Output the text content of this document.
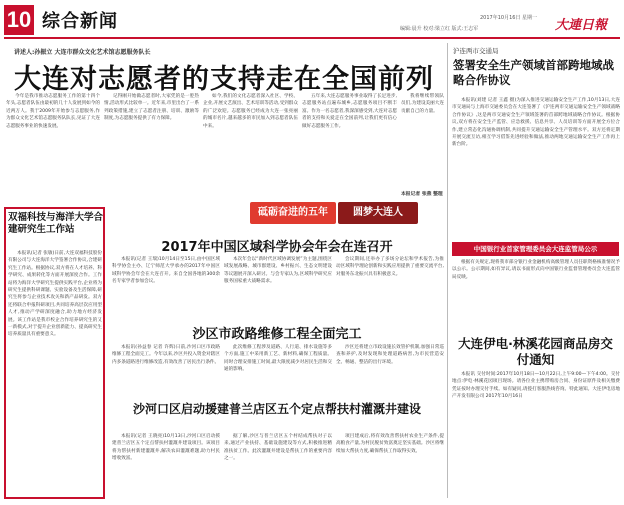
10 综合新闻	2017年10月16日 星期一
编辑:晨升 校对:梁立红 版式:王志军	大連日報
讲述人:孙振立 大连市群众文化艺术馆志愿服务队长
大连对志愿者的支持走在全国前列

今年是我市推动志愿服务工作的第十四个年头,志愿者队伍由最初的几十人发展到如今的近两万人。我于2009年开始参与志愿服务,作为群众文化艺术馆志愿服务队队长,见证了大连志愿服务事业的快速发展。

记得刚开始做志愿者时,大家凭的是一腔热情,活动形式比较单一。近年来,市里出台了一系列政策措施,建立了志愿者注册、培训、激励等制度,为志愿服务提供了有力保障。

如今,我们的文化志愿者深入社区、学校、企业,开展文艺演出、艺术培训等活动,受到群众的广泛欢迎。志愿服务已经成为大连一张亮丽的城市名片,越来越多的市民加入到志愿者队伍中来。

五年来,大连志愿服务事业取得了长足进步,志愿服务站点遍布城乡,志愿服务项目不断丰富。作为一名志愿者,我深深感受到,大连对志愿者的支持和关爱走在全国前列,让我们更有信心做好志愿服务工作。

我将继续带领队员们,为建设美丽大连贡献自己的力量。

本报记者 张燕 整理
砥砺奋进的五年	圆梦大连人
沪连两市交通局
签署安全生产领域首部跨地域战略合作协议

本报讯(刘建 记者 王鑫 摄)为深入推进交通运输安全生产工作,10月13日,大连市交通局与上海市交通委员会在大连签署了《沪连两市交通运输安全生产领域战略合作协议》,这是两市交通安全生产领域签署的首部跨地域战略合作协议。根据协议,双方将在安全生产监管、应急救援、信息共享、人员培训等方面开展全方位合作,建立常态化沟通协调机制,共同提升交通运输安全生产管理水平。双方还将定期开展交流互访,相互学习借鉴先进经验和做法,推动两地交通运输安全生产工作再上新台阶。

中国银行业首家管理委员会大连监管局公示

根据有关规定,现将我市部分银行业金融机构高级管理人员任职资格核准情况予以公示。公示期间,如有异议,请以书面形式向中国银行业监督管理委员会大连监管局反映。

大连伊电·林溪花园商品房交付通知

本报讯 交付时间:2017年10月18日—10月22日,上午9:00—下午4:00。交付地点:伊电·林溪花园项目现场。请各位业主携带购房合同、身份证原件及相关缴费凭证按时办理交付手续。如有疑问,请拨打客服热线咨询。特此通知。大连伊电房地产开发有限公司 2017年10月16日

双福科技与海洋大学合建研究生工作站

本报讯(记者 张敏)日前,大连双福科技股份有限公司与大连海洋大学签署合作协议,合建研究生工作站。根据协议,双方将在人才培养、科学研究、成果转化等方面开展深度合作。工作站将为海洋大学研究生提供实践平台,企业将为研究生提供科研课题、实验设备及生活保障,研究生将参与企业技术攻关和新产品研发。双方还将联合申报科研项目,共同培养高层次应用型人才,推动产学研深度融合,助力地方经济发展。该工作站是我市校企合作培养研究生的又一新模式,对于提升企业创新能力、提高研究生培养质量具有重要意义。

2017年中国区域科学协会年会在连召开

本报讯(记者 王瑞)10月14日至15日,由中国区域科学协会主办、辽宁师范大学承办的2017年中国区域科学协会年会在大连召开。来自全国各地的300余名专家学者参加会议。

本次年会以“新时代区域协调发展”为主题,围绕区域发展战略、城市群建设、乡村振兴、生态文明建设等议题展开深入研讨。与会专家认为,区域科学研究应服务国家重大战略需求。

会议期间,还举办了多场分论坛和学术报告,为推动区域科学理论创新和实践应用提供了重要交流平台,对服务东北振兴具有积极意义。

沙区市政路维修工程全面完工

本报讯(孙益春 记者 许辉)日前,沙河口区市政路维修工程全面完工。今年以来,沙区共投入资金对辖区内多条道路进行维修改造,有效改善了居民出行条件。

此次维修工程涉及道路、人行道、排水设施等多个方面,施工中采用新工艺、新材料,确保工程质量。同时合理安排施工时间,最大限度减少对居民生活和交通的影响。

沙区还将建立市政设施长效管护机制,加强日常巡查和养护,及时发现和处理道路病害,为市民营造安全、畅通、整洁的出行环境。

沙河口区启动援建普兰店区五个定点帮扶村灌溉井建设

本报讯(记者 王晓亮)10月13日,沙河口区启动援建普兰店区五个定点帮扶村灌溉井建设项目。该项目将为帮扶村新建灌溉井,解决农田灌溉难题,助力村民增收致富。

据了解,沙区与普兰店区五个村结成帮扶对子以来,通过产业扶持、基础设施建设等方式,积极推进精准扶贫工作。此次灌溉井建设是帮扶工作的重要内容之一。

项目建成后,将有效改善帮扶村农业生产条件,提高粮食产量,为村民脱贫致富奠定坚实基础。沙区将继续加大帮扶力度,确保帮扶工作取得实效。
